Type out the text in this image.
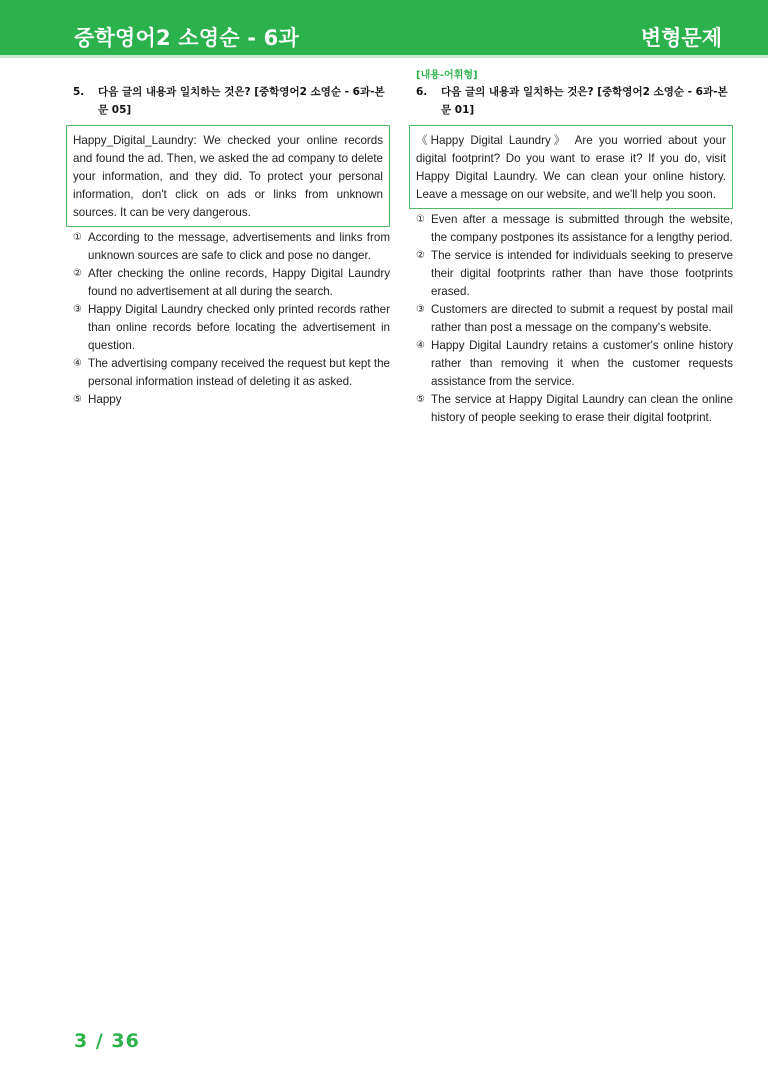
중학영어2 소영순 - 6과	변형문제
5.	다음 글의 내용과 일치하는 것은? [중학영어2 소영순 - 6과-본문 05]
Happy_Digital_Laundry: We checked your online records and found the ad. Then, we asked the ad company to delete your information, and they did. To protect your personal information, don't click on ads or links from unknown sources. It can be very dangerous.
① According to the message, advertisements and links from unknown sources are safe to click and pose no danger.
② After checking the online records, Happy Digital Laundry found no advertisement at all during the search.
③ Happy Digital Laundry checked only printed records rather than online records before locating the advertisement in question.
④ The advertising company received the request but kept the personal information instead of deleting it as asked.
⑤ Happy
[내용-어휘형]
6.	다음 글의 내용과 일치하는 것은? [중학영어2 소영순 - 6과-본문 01]
《Happy Digital Laundry》 Are you worried about your digital footprint? Do you want to erase it? If you do, visit Happy Digital Laundry. We can clean your online history. Leave a message on our website, and we'll help you soon.
① Even after a message is submitted through the website, the company postpones its assistance for a lengthy period.
② The service is intended for individuals seeking to preserve their digital footprints rather than have those footprints erased.
③ Customers are directed to submit a request by postal mail rather than post a message on the company's website.
④ Happy Digital Laundry retains a customer's online history rather than removing it when the customer requests assistance from the service.
⑤ The service at Happy Digital Laundry can clean the online history of people seeking to erase their digital footprint.
3 / 36
